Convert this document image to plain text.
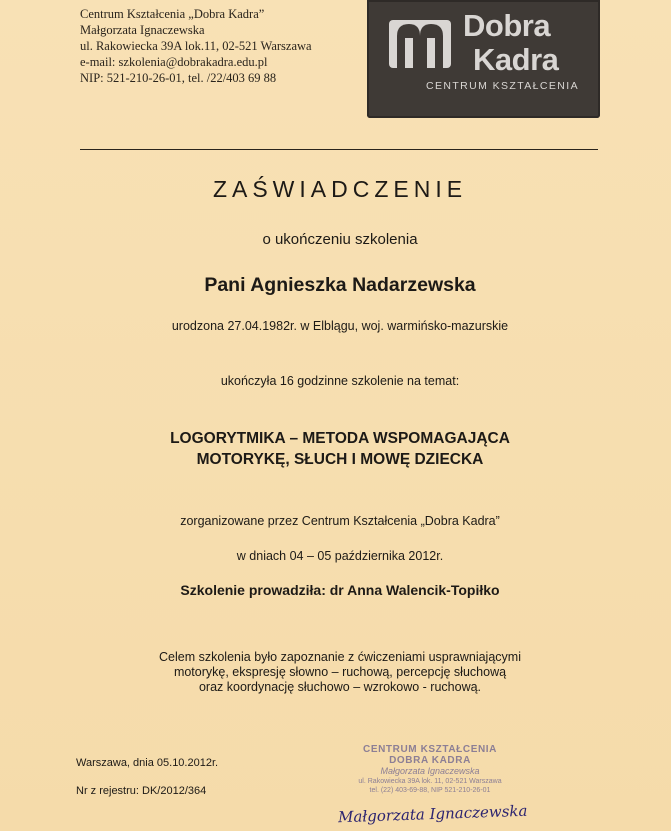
Centrum Kształcenia „Dobra Kadra”
Małgorzata Ignaczewska
ul. Rakowiecka 39A lok.11, 02-521 Warszawa
e-mail: szkolenia@dobrakadra.edu.pl
NIP: 521-210-26-01, tel. /22/403 69 88
Dobra
Kadra
CENTRUM KSZTAŁCENIA
ZAŚWIADCZENIE
o ukończeniu szkolenia
Pani Agnieszka Nadarzewska
urodzona 27.04.1982r. w Elblągu, woj. warmińsko-mazurskie
ukończyła 16 godzinne szkolenie na temat:
LOGORYTMIKA – METODA WSPOMAGAJĄCA
MOTORYKĘ, SŁUCH I MOWĘ DZIECKA
zorganizowane przez Centrum Kształcenia „Dobra Kadra”
w dniach 04 – 05 października 2012r.
Szkolenie prowadziła: dr Anna Walencik-Topiłko
Celem szkolenia było zapoznanie z ćwiczeniami usprawniającymi
motorykę, ekspresję słowno – ruchową, percepcję słuchową
oraz koordynację słuchowo – wzrokowo - ruchową.
Warszawa, dnia 05.10.2012r.
Nr z rejestru: DK/2012/364
CENTRUM KSZTAŁCENIA
DOBRA KADRA
Małgorzata Ignaczewska
ul. Rakowiecka 39A lok. 11, 02-521 Warszawa
tel. (22) 403-69-88, NIP 521-210-26-01
Małgorzata Ignaczewska
